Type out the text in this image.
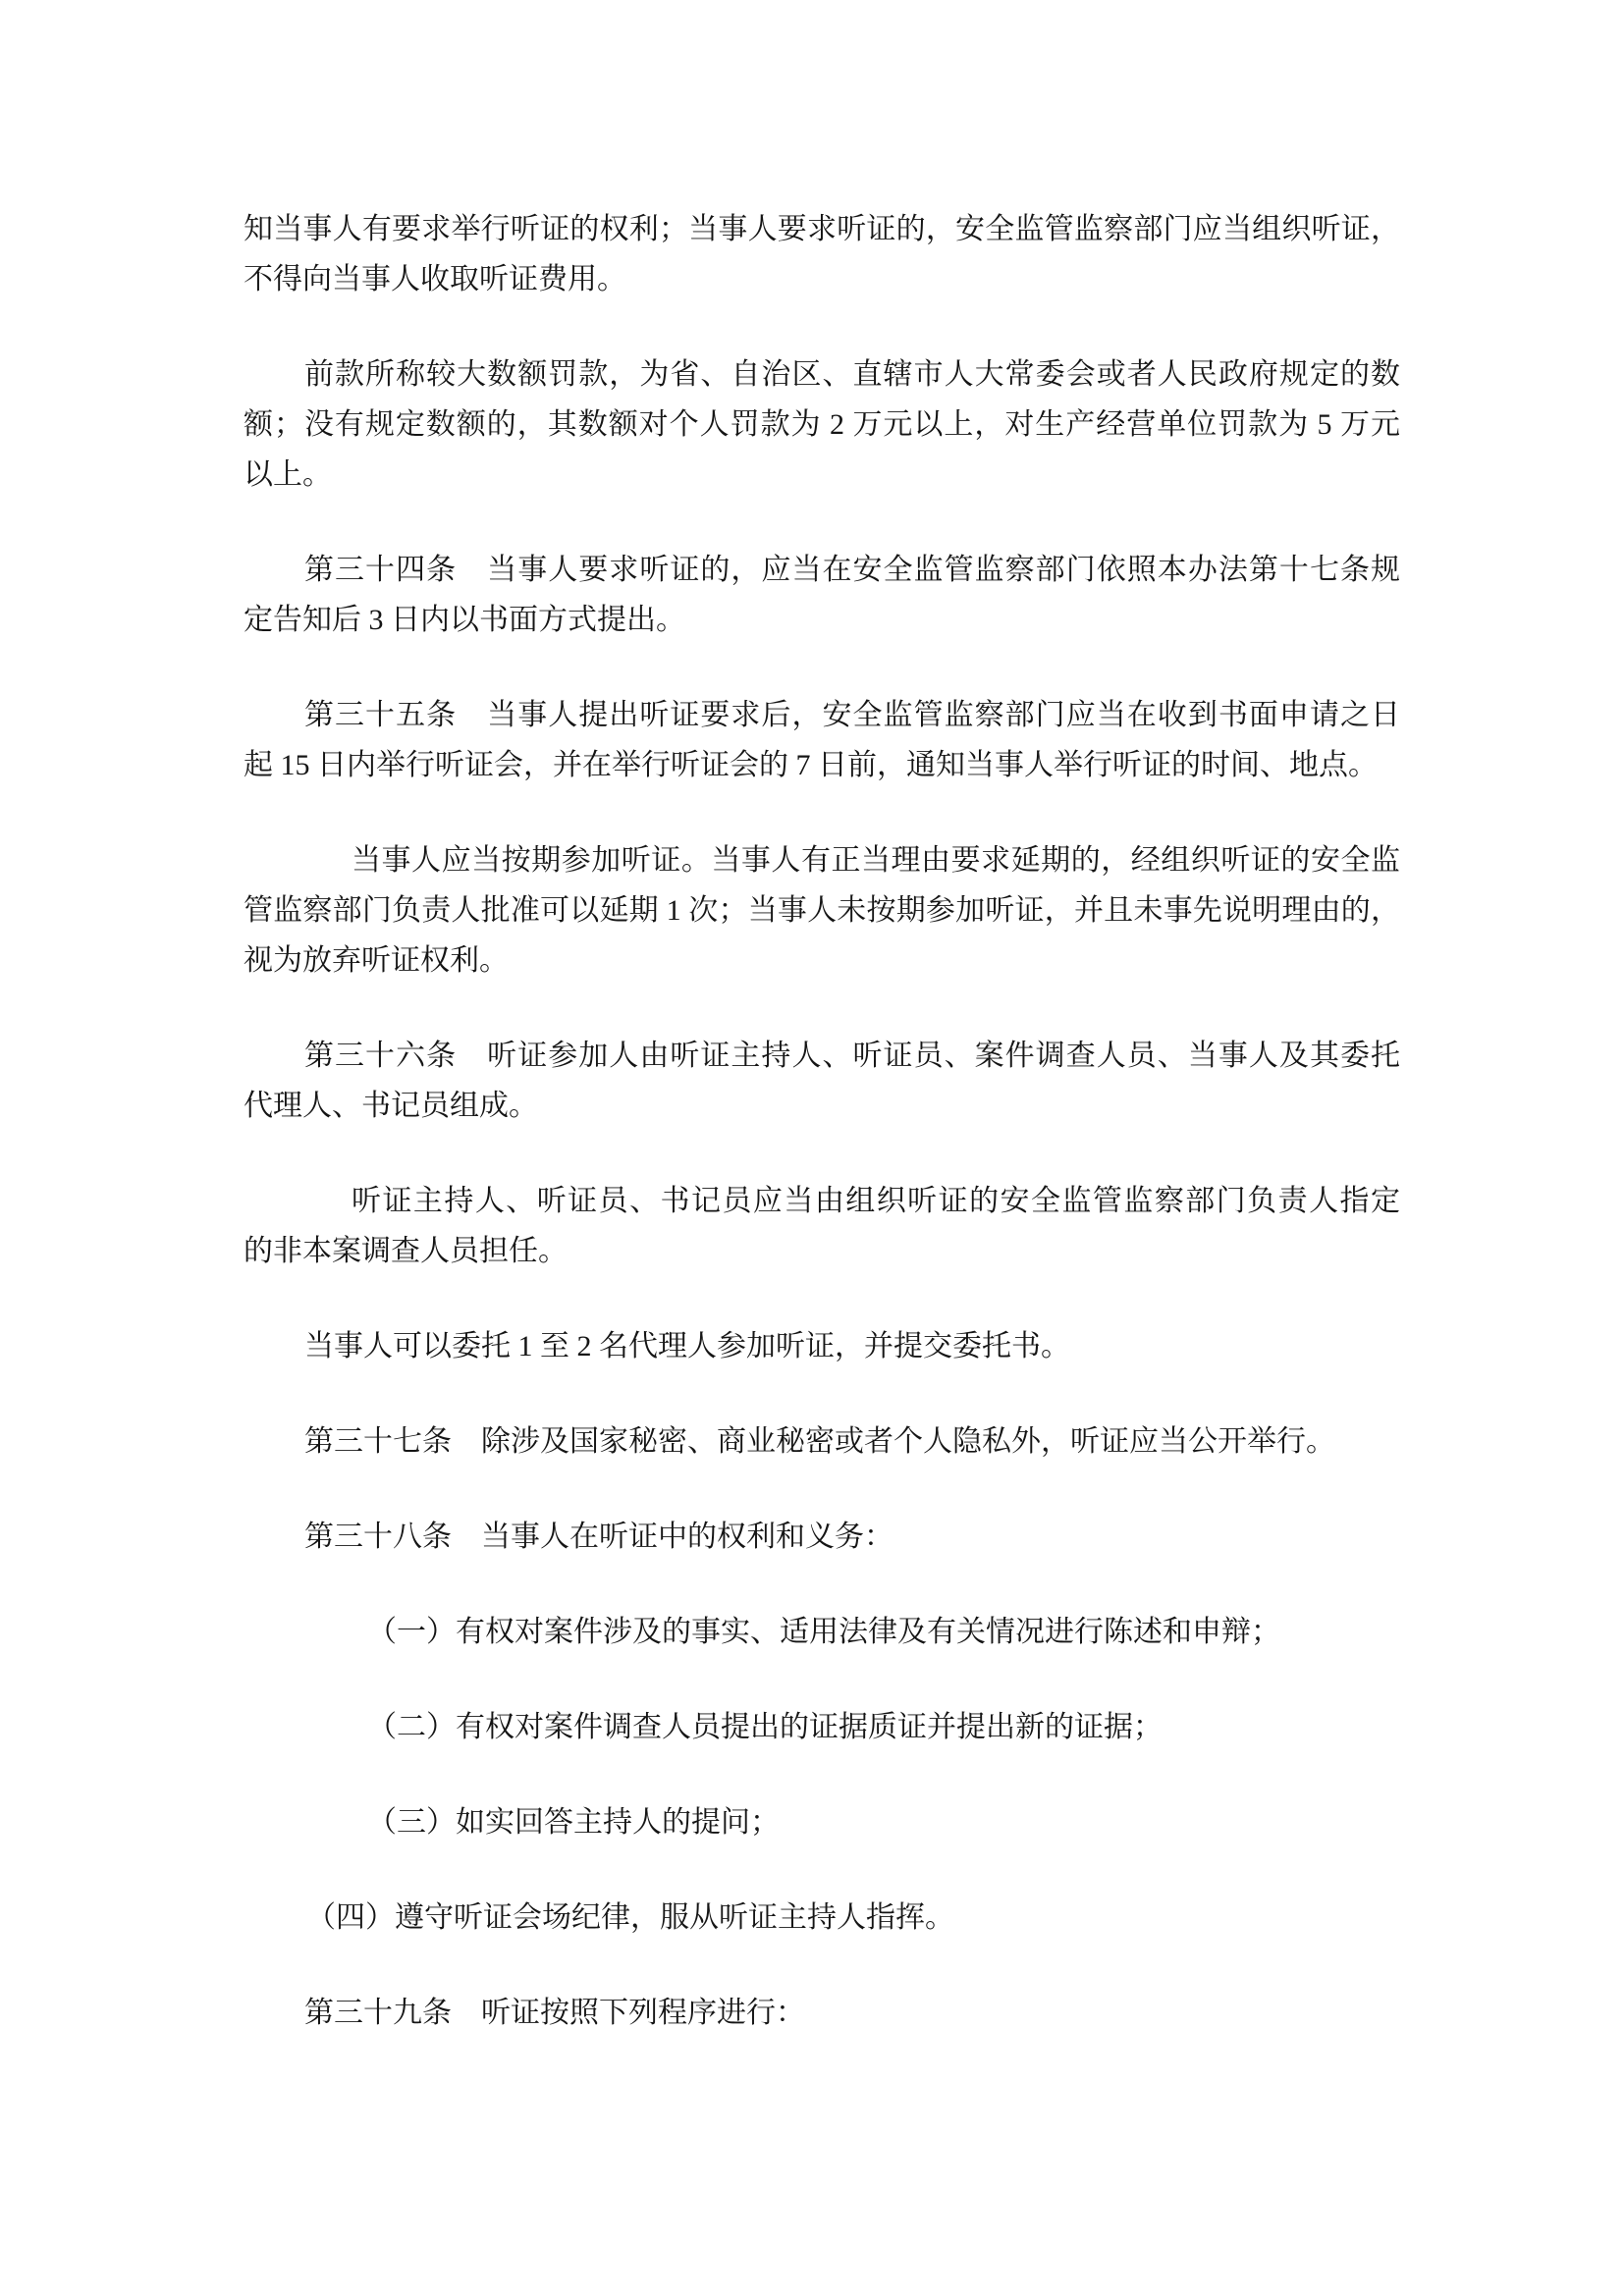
知当事人有要求举行听证的权利；当事人要求听证的，安全监管监察部门应当组织听证，
不得向当事人收取听证费用。
前款所称较大数额罚款，为省、自治区、直辖市人大常委会或者人民政府规定的数
额；没有规定数额的，其数额对个人罚款为 2 万元以上，对生产经营单位罚款为 5 万元
以上。
第三十四条　当事人要求听证的，应当在安全监管监察部门依照本办法第十七条规
定告知后 3 日内以书面方式提出。
第三十五条　当事人提出听证要求后，安全监管监察部门应当在收到书面申请之日
起 15 日内举行听证会，并在举行听证会的 7 日前，通知当事人举行听证的时间、地点。
当事人应当按期参加听证。当事人有正当理由要求延期的，经组织听证的安全监
管监察部门负责人批准可以延期 1 次；当事人未按期参加听证，并且未事先说明理由的，
视为放弃听证权利。
第三十六条　听证参加人由听证主持人、听证员、案件调查人员、当事人及其委托
代理人、书记员组成。
听证主持人、听证员、书记员应当由组织听证的安全监管监察部门负责人指定
的非本案调查人员担任。
当事人可以委托 1 至 2 名代理人参加听证，并提交委托书。
第三十七条　除涉及国家秘密、商业秘密或者个人隐私外，听证应当公开举行。
第三十八条　当事人在听证中的权利和义务：
（一）有权对案件涉及的事实、适用法律及有关情况进行陈述和申辩；
（二）有权对案件调查人员提出的证据质证并提出新的证据；
（三）如实回答主持人的提问；
（四）遵守听证会场纪律，服从听证主持人指挥。
第三十九条　听证按照下列程序进行：
